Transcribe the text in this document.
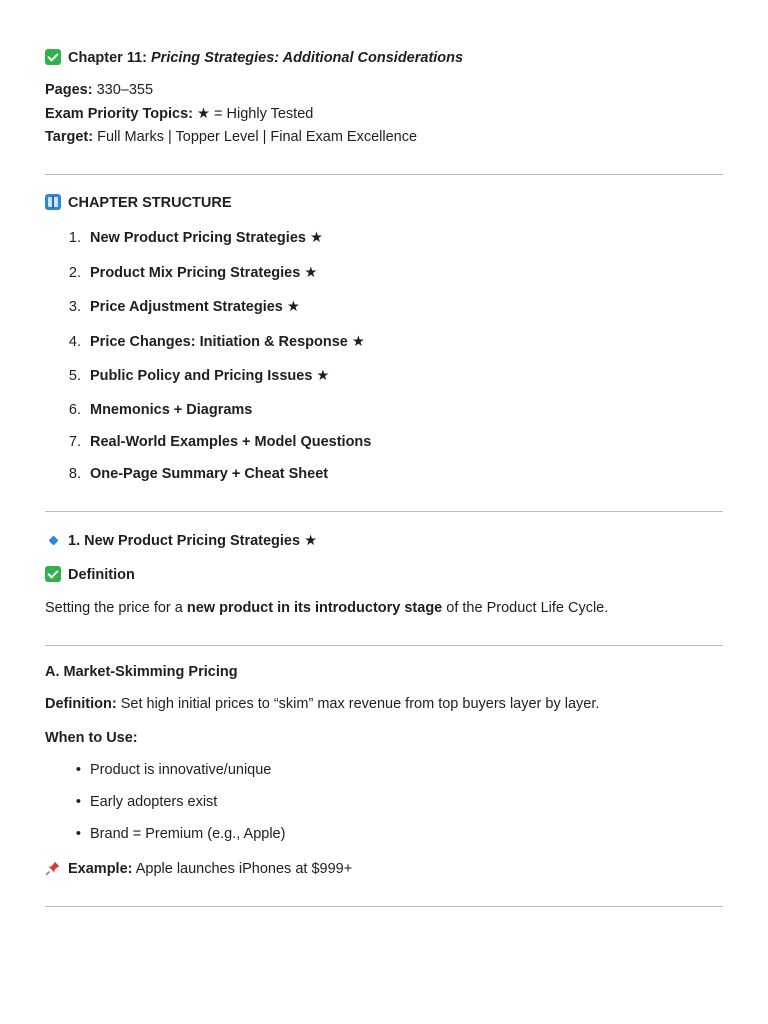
Chapter 11: Pricing Strategies: Additional Considerations
Pages: 330–355
Exam Priority Topics: ★ = Highly Tested
Target: Full Marks | Topper Level | Final Exam Excellence
CHAPTER STRUCTURE
1. New Product Pricing Strategies ★
2. Product Mix Pricing Strategies ★
3. Price Adjustment Strategies ★
4. Price Changes: Initiation & Response ★
5. Public Policy and Pricing Issues ★
6. Mnemonics + Diagrams
7. Real-World Examples + Model Questions
8. One-Page Summary + Cheat Sheet
1. New Product Pricing Strategies ★
Definition
Setting the price for a new product in its introductory stage of the Product Life Cycle.
A. Market-Skimming Pricing
Definition: Set high initial prices to “skim” max revenue from top buyers layer by layer.
When to Use:
• Product is innovative/unique
• Early adopters exist
• Brand = Premium (e.g., Apple)
Example: Apple launches iPhones at $999+
